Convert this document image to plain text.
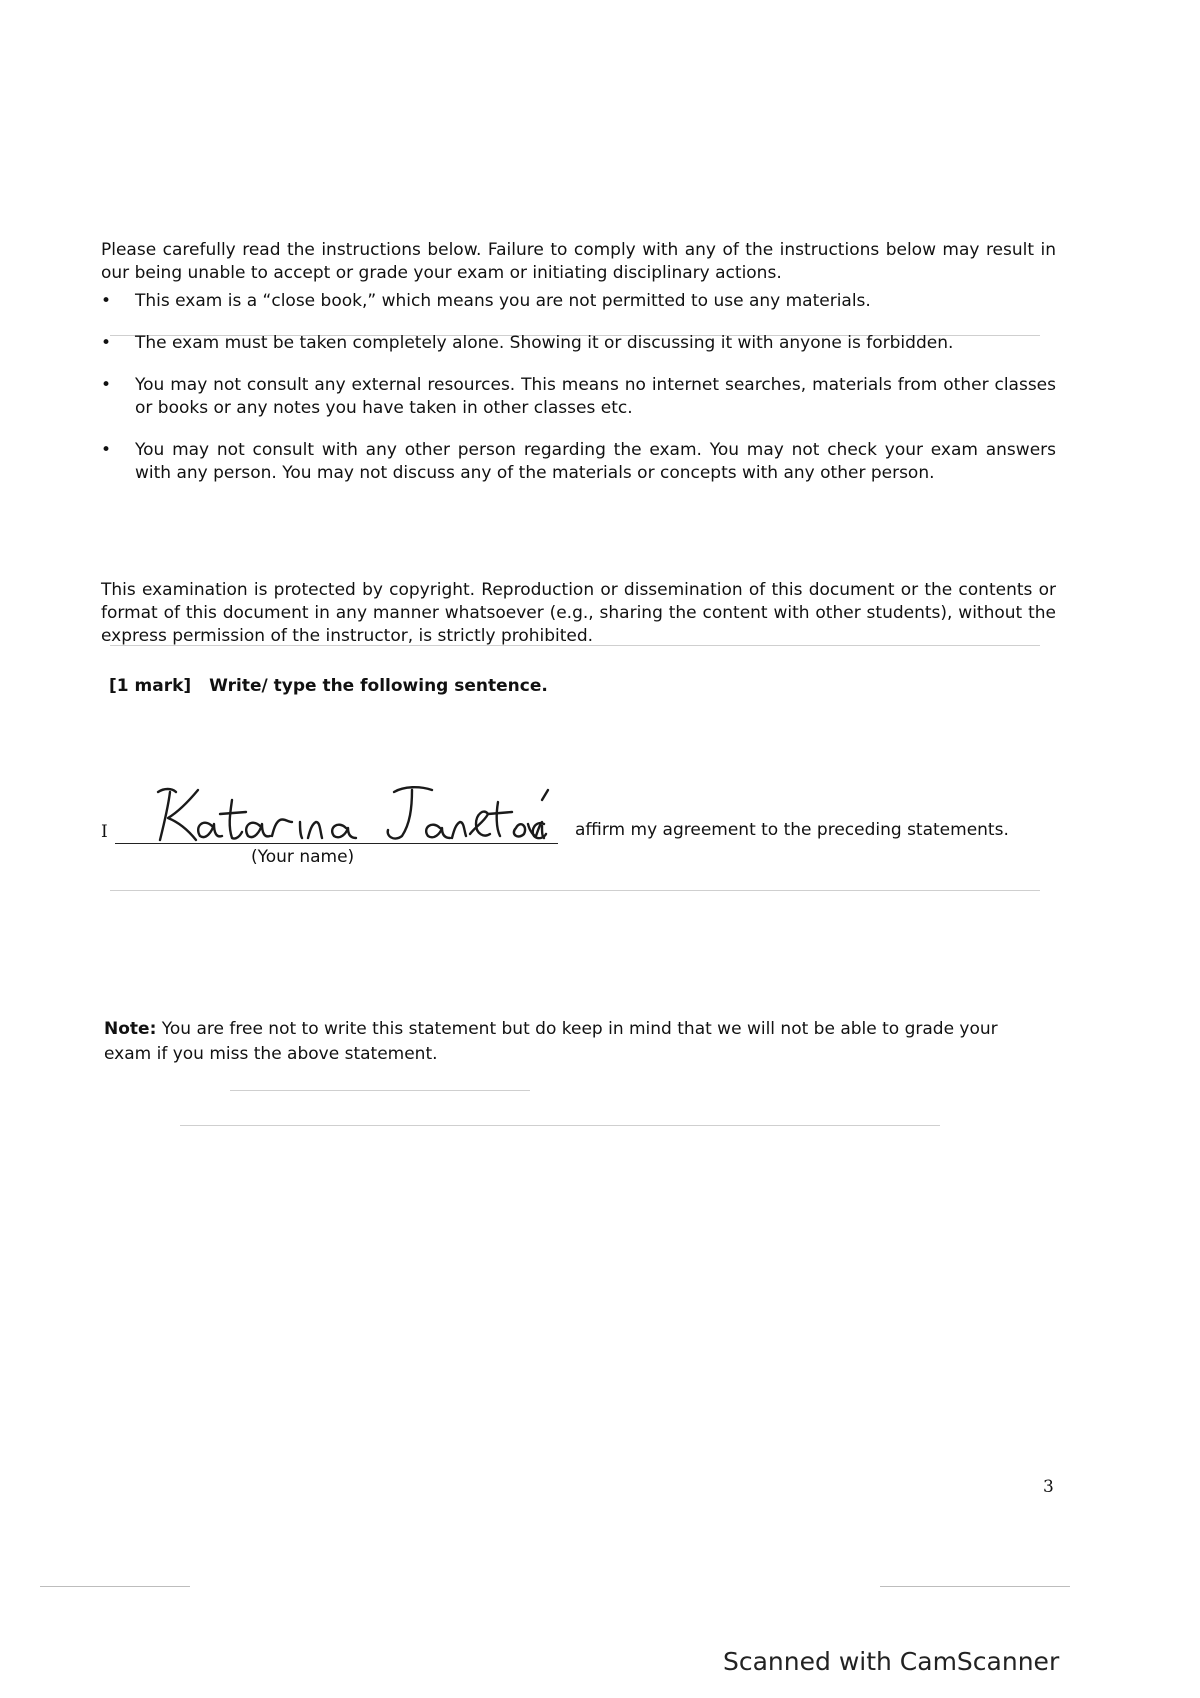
Please carefully read the instructions below. Failure to comply with any of the instructions below may result in our being unable to accept or grade your exam or initiating disciplinary actions.

• This exam is a “close book,” which means you are not permitted to use any materials.
• The exam must be taken completely alone. Showing it or discussing it with anyone is forbidden.
• You may not consult any external resources. This means no internet searches, materials from other classes or books or any notes you have taken in other classes etc.
• You may not consult with any other person regarding the exam. You may not check your exam answers with any person. You may not discuss any of the materials or concepts with any other person.

This examination is protected by copyright. Reproduction or dissemination of this document or the contents or format of this document in any manner whatsoever (e.g., sharing the content with other students), without the express permission of the instructor, is strictly prohibited.

[1 mark] Write/ type the following sentence.
I	affirm my agreement to the preceding statements.
(Your name)

Note: You are free not to write this statement but do keep in mind that we will not be able to grade your exam if you miss the above statement.

3
Scanned with CamScanner
